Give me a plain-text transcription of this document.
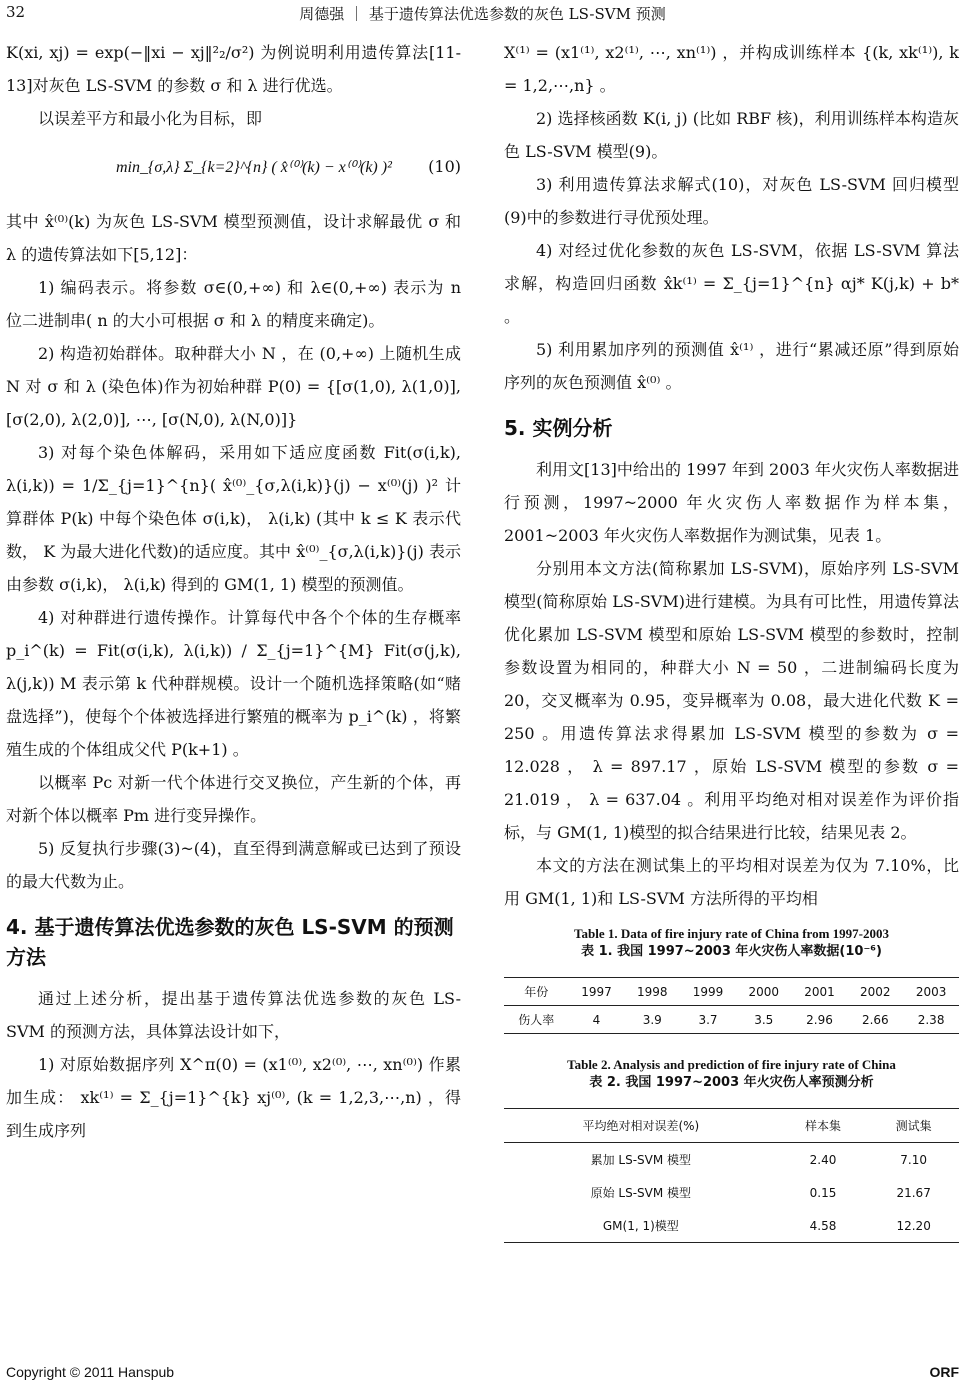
32	周德强 ｜ 基于遗传算法优选参数的灰色 LS-SVM 预测

K(xi, xj) = exp(−‖xi − xj‖²₂/σ²) 为例说明利用遗传算法[11-13]对灰色 LS-SVM 的参数 σ 和 λ 进行优选。

以误差平方和最小化为目标，即

min_{σ,λ} Σ_{k=2}^{n} ( x̂⁽⁰⁾(k) − x⁽⁰⁾(k) )² (10)

其中 x̂⁽⁰⁾(k) 为灰色 LS-SVM 模型预测值，设计求解最优 σ 和 λ 的遗传算法如下[5,12]：

1) 编码表示。将参数 σ∈(0,+∞) 和 λ∈(0,+∞) 表示为 n 位二进制串( n 的大小可根据 σ 和 λ 的精度来确定)。

2) 构造初始群体。取种群大小 N ，在 (0,+∞) 上随机生成 N 对 σ 和 λ (染色体)作为初始种群 P(0) = {[σ(1,0), λ(1,0)], [σ(2,0), λ(2,0)], ⋯, [σ(N,0), λ(N,0)]}

3) 对每个染色体解码，采用如下适应度函数 Fit(σ(i,k), λ(i,k)) = 1/Σ_{j=1}^{n}( x̂⁽⁰⁾_{σ,λ(i,k)}(j) − x⁽⁰⁾(j) )² 计算群体 P(k) 中每个染色体 σ(i,k)， λ(i,k) (其中 k ≤ K 表示代数， K 为最大进化代数)的适应度。其中 x̂⁽⁰⁾_{σ,λ(i,k)}(j) 表示由参数 σ(i,k)， λ(i,k) 得到的 GM(1, 1) 模型的预测值。

4) 对种群进行遗传操作。计算每代中各个个体的生存概率 p_i^(k) = Fit(σ(i,k), λ(i,k)) / Σ_{j=1}^{M} Fit(σ(j,k), λ(j,k)) M 表示第 k 代种群规模。设计一个随机选择策略(如“赌盘选择”)，使每个个体被选择进行繁殖的概率为 p_i^(k) ，将繁殖生成的个体组成父代 P(k+1) 。

以概率 Pc 对新一代个体进行交叉换位，产生新的个体，再对新个体以概率 Pm 进行变异操作。

5) 反复执行步骤(3)~(4)，直至得到满意解或已达到了预设的最大代数为止。

4. 基于遗传算法优选参数的灰色 LS-SVM 的预测方法

通过上述分析，提出基于遗传算法优选参数的灰色 LS-SVM 的预测方法，具体算法设计如下，

1) 对原始数据序列 X^π(0) = (x1⁽⁰⁾, x2⁽⁰⁾, ⋯, xn⁽⁰⁾) 作累加生成： xk⁽¹⁾ = Σ_{j=1}^{k} xj⁽⁰⁾, (k = 1,2,3,⋯,n) ，得到生成序列

X⁽¹⁾ = (x1⁽¹⁾, x2⁽¹⁾, ⋯, xn⁽¹⁾) ，并构成训练样本 {(k, xk⁽¹⁾), k = 1,2,⋯,n} 。

2) 选择核函数 K(i, j) (比如 RBF 核)，利用训练样本构造灰色 LS-SVM 模型(9)。

3) 利用遗传算法求解式(10)，对灰色 LS-SVM 回归模型(9)中的参数进行寻优预处理。

4) 对经过优化参数的灰色 LS-SVM，依据 LS-SVM 算法求解，构造回归函数 x̂k⁽¹⁾ = Σ_{j=1}^{n} αj* K(j,k) + b* 。

5) 利用累加序列的预测值 x̂⁽¹⁾ ，进行“累减还原”得到原始序列的灰色预测值 x̂⁽⁰⁾ 。

5. 实例分析

利用文[13]中给出的 1997 年到 2003 年火灾伤人率数据进行预测，1997~2000 年火灾伤人率数据作为样本集，2001~2003 年火灾伤人率数据作为测试集，见表 1。

分别用本文方法(简称累加 LS-SVM)，原始序列 LS-SVM 模型(简称原始 LS-SVM)进行建模。为具有可比性，用遗传算法优化累加 LS-SVM 模型和原始 LS-SVM 模型的参数时，控制参数设置为相同的，种群大小 N = 50 ，二进制编码长度为 20，交叉概率为 0.95，变异概率为 0.08，最大进化代数 K = 250 。用遗传算法求得累加 LS-SVM 模型的参数为 σ = 12.028 ， λ = 897.17 ，原始 LS-SVM 模型的参数 σ = 21.019 ， λ = 637.04 。利用平均绝对相对误差作为评价指标，与 GM(1, 1)模型的拟合结果进行比较，结果见表 2。

本文的方法在测试集上的平均相对误差为仅为 7.10%，比用 GM(1, 1)和 LS-SVM 方法所得的平均相

Table 1. Data of fire injury rate of China from 1997-2003
表 1. 我国 1997~2003 年火灾伤人率数据(10⁻⁶)
年份	1997	1998	1999	2000	2001	2002	2003
伤人率	4	3.9	3.7	3.5	2.96	2.66	2.38
Table 2. Analysis and prediction of fire injury rate of China
表 2. 我国 1997~2003 年火灾伤人率预测分析
平均绝对相对误差(%)	样本集	测试集
累加 LS-SVM 模型	2.40	7.10
原始 LS-SVM 模型	0.15	21.67
GM(1, 1)模型	4.58	12.20
Copyright © 2011 Hanspub	ORF
